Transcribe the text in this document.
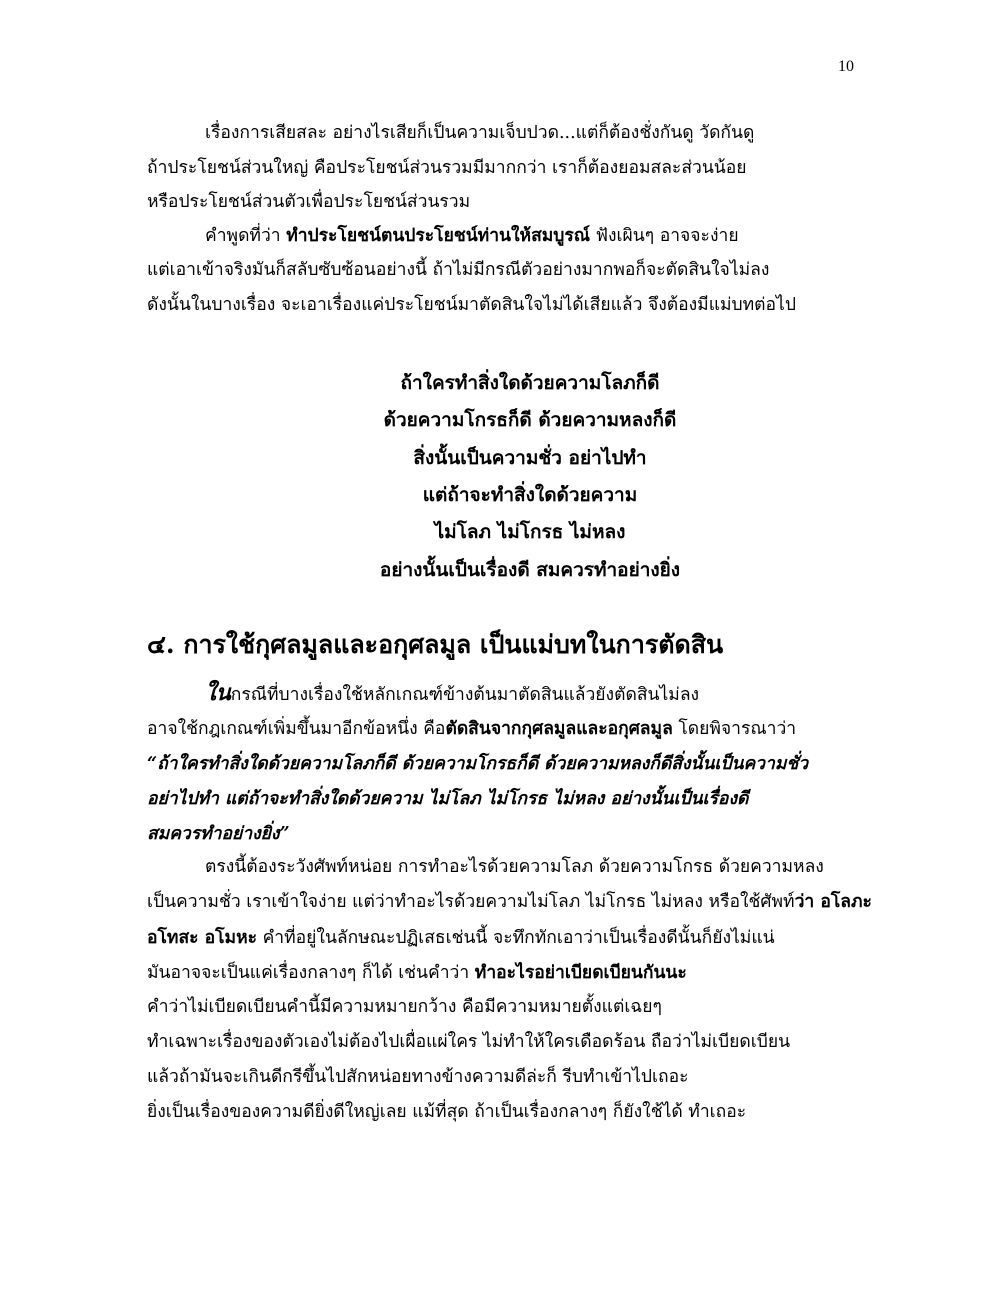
10
เรื่องการเสียสละ อย่างไรเสียก็เป็นความเจ็บปวด...แต่ก็ต้องชั่งกันดู วัดกันดู
ถ้าประโยชน์ส่วนใหญ่ คือประโยชน์ส่วนรวมมีมากกว่า เราก็ต้องยอมสละส่วนน้อย
หรือประโยชน์ส่วนตัวเพื่อประโยชน์ส่วนรวม
คำพูดที่ว่า ทำประโยชน์ตนประโยชน์ท่านให้สมบูรณ์ ฟังเผินๆ อาจจะง่าย
แต่เอาเข้าจริงมันก็สลับซับซ้อนอย่างนี้ ถ้าไม่มีกรณีตัวอย่างมากพอก็จะตัดสินใจไม่ลง
ดังนั้นในบางเรื่อง จะเอาเรื่องแค่ประโยชน์มาตัดสินใจไม่ได้เสียแล้ว จึงต้องมีแม่บทต่อไป
ถ้าใครทำสิ่งใดด้วยความโลภก็ดี
ด้วยความโกรธก็ดี ด้วยความหลงก็ดี
สิ่งนั้นเป็นความชั่ว อย่าไปทำ
แต่ถ้าจะทำสิ่งใดด้วยความ
ไม่โลภ ไม่โกรธ ไม่หลง
อย่างนั้นเป็นเรื่องดี สมควรทำอย่างยิ่ง
๔. การใช้กุศลมูลและอกุศลมูล เป็นแม่บทในการตัดสิน
ในกรณีที่บางเรื่องใช้หลักเกณฑ์ข้างต้นมาตัดสินแล้วยังตัดสินไม่ลง
อาจใช้กฎเกณฑ์เพิ่มขึ้นมาอีกข้อหนึ่ง คือตัดสินจากกุศลมูลและอกุศลมูล โดยพิจารณาว่า
“ถ้าใครทำสิ่งใดด้วยความโลภก็ดี ด้วยความโกรธก็ดี ด้วยความหลงก็ดีสิ่งนั้นเป็นความชั่ว
อย่าไปทำ แต่ถ้าจะทำสิ่งใดด้วยความ ไม่โลภ ไม่โกรธ ไม่หลง อย่างนั้นเป็นเรื่องดี
สมควรทำอย่างยิ่ง”
ตรงนี้ต้องระวังศัพท์หน่อย การทำอะไรด้วยความโลภ ด้วยความโกรธ ด้วยความหลง
เป็นความชั่ว เราเข้าใจง่าย แต่ว่าทำอะไรด้วยความไม่โลภ ไม่โกรธ ไม่หลง หรือใช้ศัพท์ว่า อโลภะ
อโทสะ อโมหะ คำที่อยู่ในลักษณะปฏิเสธเช่นนี้ จะทึกทักเอาว่าเป็นเรื่องดีนั้นก็ยังไม่แน่
มันอาจจะเป็นแค่เรื่องกลางๆ ก็ได้ เช่นคำว่า ทำอะไรอย่าเบียดเบียนกันนะ
คำว่าไม่เบียดเบียนคำนี้มีความหมายกว้าง คือมีความหมายตั้งแต่เฉยๆ
ทำเฉพาะเรื่องของตัวเองไม่ต้องไปเผื่อแผ่ใคร ไม่ทำให้ใครเดือดร้อน ถือว่าไม่เบียดเบียน
แล้วถ้ามันจะเกินดีกรีขึ้นไปสักหน่อยทางข้างความดีล่ะก็ รีบทำเข้าไปเถอะ
ยิ่งเป็นเรื่องของความดียิ่งดีใหญ่เลย แม้ที่สุด ถ้าเป็นเรื่องกลางๆ ก็ยังใช้ได้ ทำเถอะ
